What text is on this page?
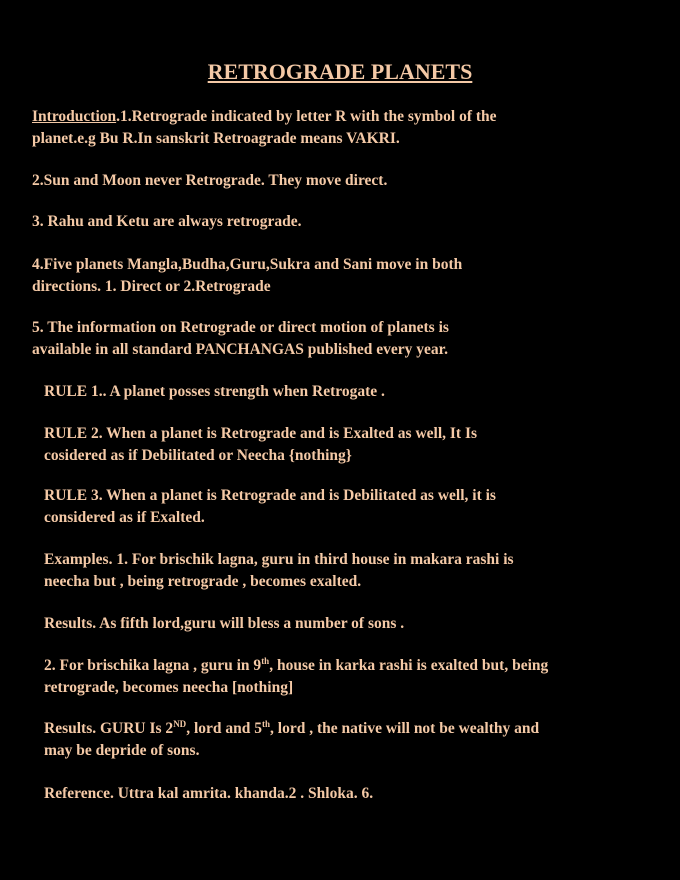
RETROGRADE PLANETS

Introduction.1.Retrograde indicated by letter R with the symbol of the
planet.e.g Bu R.In sanskrit Retroagrade means VAKRI.

2.Sun and Moon never Retrograde. They move direct.

3. Rahu and Ketu are always retrograde.

4.Five planets Mangla,Budha,Guru,Sukra and Sani move in both
directions. 1. Direct or 2.Retrograde

5. The information on Retrograde or direct motion of planets is
available in all standard PANCHANGAS published every year.

RULE 1.. A planet posses strength when Retrogate .

RULE 2. When a planet is Retrograde and is Exalted as well, It Is
cosidered as if Debilitated or Neecha {nothing}

RULE 3. When a planet is Retrograde and is Debilitated as well, it is
considered as if Exalted.

Examples. 1. For brischik lagna, guru in third house in makara rashi is
neecha but , being retrograde , becomes exalted.

Results. As fifth lord,guru will bless a number of sons .

2. For brischika lagna , guru in 9th, house in karka rashi is exalted but, being
retrograde, becomes neecha [nothing]

Results. GURU Is 2ND, lord and 5th, lord , the native will not be wealthy and
may be depride of sons.

Reference. Uttra kal amrita. khanda.2 . Shloka. 6.
